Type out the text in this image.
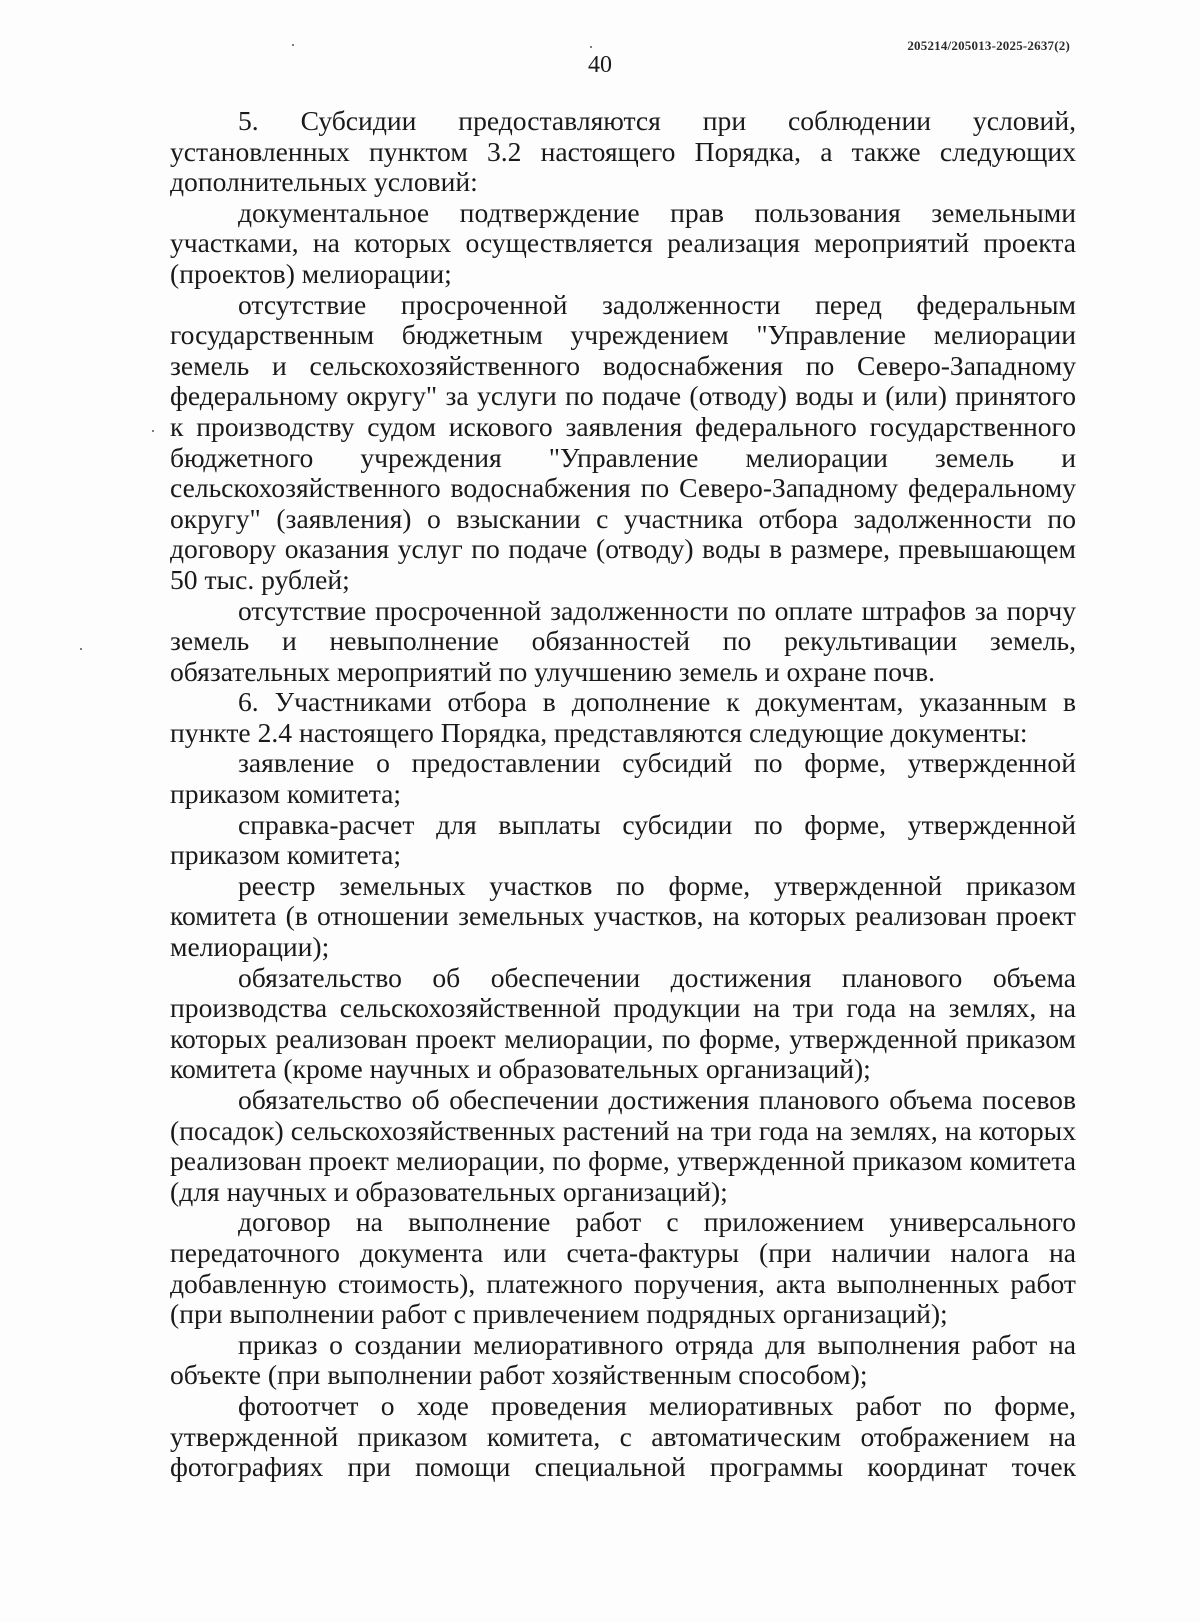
205214/205013-2025-2637(2)
40

5. Субсидии предоставляются при соблюдении условий, установленных пунктом 3.2 настоящего Порядка, а также следующих дополнительных условий:

документальное подтверждение прав пользования земельными участками, на которых осуществляется реализация мероприятий проекта (проектов) мелиорации;

отсутствие просроченной задолженности перед федеральным государственным бюджетным учреждением "Управление мелиорации земель и сельскохозяйственного водоснабжения по Северо-Западному федеральному округу" за услуги по подаче (отводу) воды и (или) принятого к производству судом искового заявления федерального государственного бюджетного учреждения "Управление мелиорации земель и сельскохозяйственного водоснабжения по Северо-Западному федеральному округу" (заявления) о взыскании с участника отбора задолженности по договору оказания услуг по подаче (отводу) воды в размере, превышающем 50 тыс. рублей;

отсутствие просроченной задолженности по оплате штрафов за порчу земель и невыполнение обязанностей по рекультивации земель, обязательных мероприятий по улучшению земель и охране почв.

6. Участниками отбора в дополнение к документам, указанным в пункте 2.4 настоящего Порядка, представляются следующие документы:

заявление о предоставлении субсидий по форме, утвержденной приказом комитета;

справка-расчет для выплаты субсидии по форме, утвержденной приказом комитета;

реестр земельных участков по форме, утвержденной приказом комитета (в отношении земельных участков, на которых реализован проект мелиорации);

обязательство об обеспечении достижения планового объема производства сельскохозяйственной продукции на три года на землях, на которых реализован проект мелиорации, по форме, утвержденной приказом комитета (кроме научных и образовательных организаций);

обязательство об обеспечении достижения планового объема посевов (посадок) сельскохозяйственных растений на три года на землях, на которых реализован проект мелиорации, по форме, утвержденной приказом комитета (для научных и образовательных организаций);

договор на выполнение работ с приложением универсального передаточного документа или счета-фактуры (при наличии налога на добавленную стоимость), платежного поручения, акта выполненных работ (при выполнении работ с привлечением подрядных организаций);

приказ о создании мелиоративного отряда для выполнения работ на объекте (при выполнении работ хозяйственным способом);

фотоотчет о ходе проведения мелиоративных работ по форме, утвержденной приказом комитета, с автоматическим отображением на фотографиях при помощи специальной программы координат точек
